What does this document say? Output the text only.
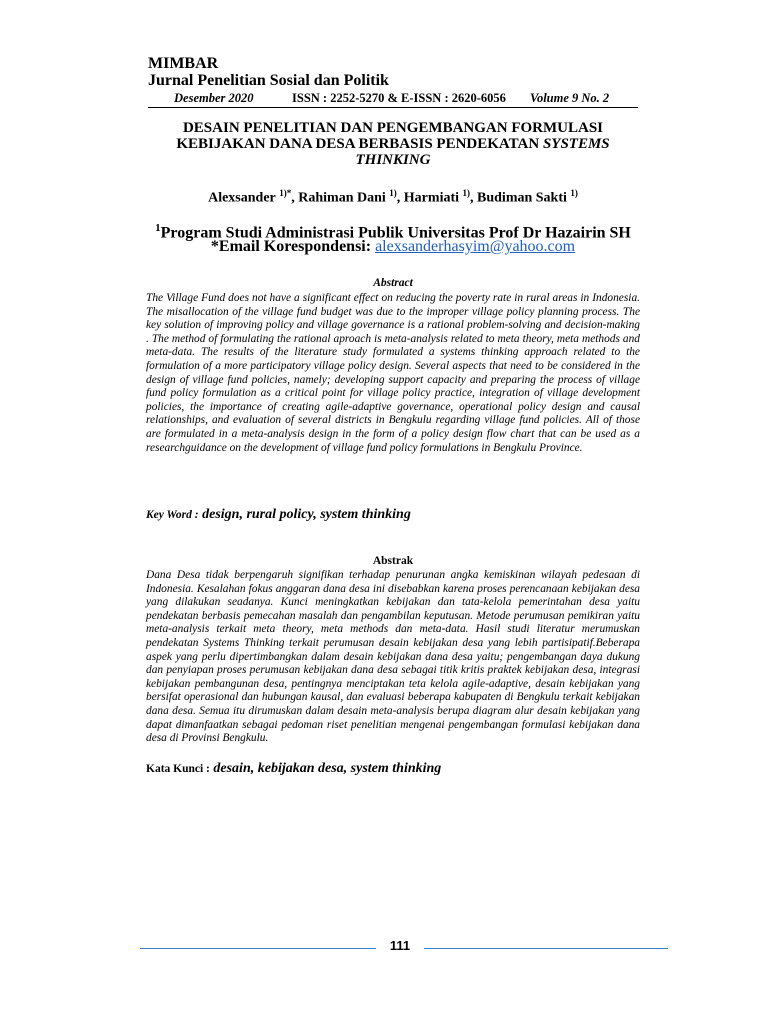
MIMBAR
Jurnal Penelitian Sosial dan Politik
Desember 2020	ISSN : 2252-5270 & E-ISSN : 2620-6056 Volume 9 No. 2
DESAIN PENELITIAN DAN PENGEMBANGAN FORMULASI
KEBIJAKAN DANA DESA BERBASIS PENDEKATAN SYSTEMS
THINKING
Alexsander $^{1)*}$, Rahiman Dani $^{1)}$, Harmiati $^{1)}$, Budiman Sakti $^{1)}$
$^1$Program Studi Administrasi Publik Universitas Prof Dr Hazairin SH
*Email Korespondensi: alexsanderhasyim@yahoo.com
Abstract
The Village Fund does not have a significant effect on reducing the poverty rate in rural areas in Indonesia. The misallocation of the village fund budget was due to the improper village policy planning process. The key solution of improving policy and village governance is a rational problem-solving and decision-making . The method of formulating the rational aproach is meta-analysis related to meta theory, meta methods and meta-data. The results of the literature study formulated a systems thinking approach related to the formulation of a more participatory village policy design. Several aspects that need to be considered in the design of village fund policies, namely; developing support capacity and preparing the process of village fund policy formulation as a critical point for village policy practice, integration of village development policies, the importance of creating agile-adaptive governance, operational policy design and causal relationships, and evaluation of several districts in Bengkulu regarding village fund policies. All of those are formulated in a meta-analysis design in the form of a policy design flow chart that can be used as a researchguidance on the development of village fund policy formulations in Bengkulu Province.
Key Word : design, rural policy, system thinking
Abstrak
Dana Desa tidak berpengaruh signifikan terhadap penurunan angka kemiskinan wilayah pedesaan di Indonesia. Kesalahan fokus anggaran dana desa ini disebabkan karena proses perencanaan kebijakan desa yang dilakukan seadanya. Kunci meningkatkan kebijakan dan tata-kelola pemerintahan desa yaitu pendekatan berbasis pemecahan masalah dan pengambilan keputusan. Metode perumusan pemikiran yaitu meta-analysis terkait meta theory, meta methods dan meta-data. Hasil studi literatur merumuskan pendekatan Systems Thinking terkait perumusan desain kebijakan desa yang lebih partisipatif.Beberapa aspek yang perlu dipertimbangkan dalam desain kebijakan dana desa yaitu; pengembangan daya dukung dan penyiapan proses perumusan kebijakan dana desa sebagai titik kritis praktek kebijakan desa, integrasi kebijakan pembangunan desa, pentingnya menciptakan teta kelola agile-adaptive, desain kebijakan yang bersifat operasional dan hubungan kausal, dan evaluasi beberapa kabupaten di Bengkulu terkait kebijakan dana desa. Semua itu dirumuskan dalam desain meta-analysis berupa diagram alur desain kebijakan yang dapat dimanfaatkan sebagai pedoman riset penelitian mengenai pengembangan formulasi kebijakan dana desa di Provinsi Bengkulu.
Kata Kunci : desain, kebijakan desa, system thinking
111
